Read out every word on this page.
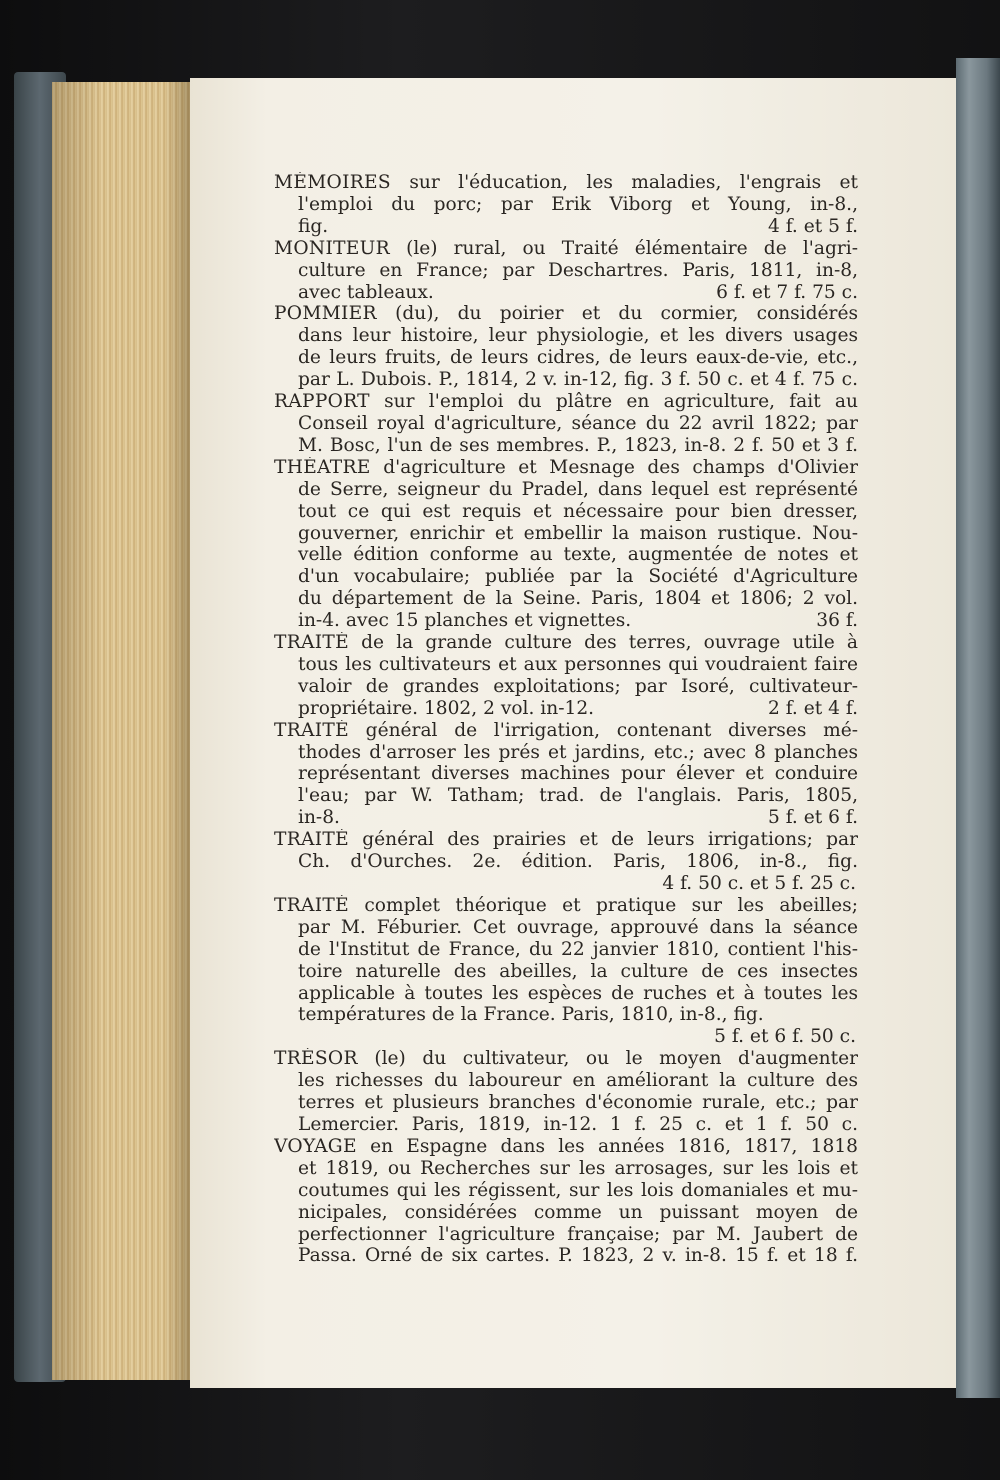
MÉMOIRES sur l'éducation, les maladies, l'engrais et
l'emploi du porc; par Erik Viborg et Young, in-8.,
fig.	4 f. et 5 f.
MONITEUR (le) rural, ou Traité élémentaire de l'agri-
culture en France; par Deschartres. Paris, 1811, in-8,
avec tableaux.	6 f. et 7 f. 75 c.
POMMIER (du), du poirier et du cormier, considérés
dans leur histoire, leur physiologie, et les divers usages
de leurs fruits, de leurs cidres, de leurs eaux-de-vie, etc.,
par L. Dubois. P., 1814, 2 v. in-12, fig. 3 f. 50 c. et 4 f. 75 c.
RAPPORT sur l'emploi du plâtre en agriculture, fait au
Conseil royal d'agriculture, séance du 22 avril 1822; par
M. Bosc, l'un de ses membres. P., 1823, in-8. 2 f. 50 et 3 f.
THÉATRE d'agriculture et Mesnage des champs d'Olivier
de Serre, seigneur du Pradel, dans lequel est représenté
tout ce qui est requis et nécessaire pour bien dresser,
gouverner, enrichir et embellir la maison rustique. Nou-
velle édition conforme au texte, augmentée de notes et
d'un vocabulaire; publiée par la Société d'Agriculture
du département de la Seine. Paris, 1804 et 1806; 2 vol.
in-4. avec 15 planches et vignettes.	36 f.
TRAITÉ de la grande culture des terres, ouvrage utile à
tous les cultivateurs et aux personnes qui voudraient faire
valoir de grandes exploitations; par Isoré, cultivateur-
propriétaire. 1802, 2 vol. in-12.	2 f. et 4 f.
TRAITÉ général de l'irrigation, contenant diverses mé-
thodes d'arroser les prés et jardins, etc.; avec 8 planches
représentant diverses machines pour élever et conduire
l'eau; par W. Tatham; trad. de l'anglais. Paris, 1805,
in-8.	5 f. et 6 f.
TRAITÉ général des prairies et de leurs irrigations; par
Ch. d'Ourches. 2e. édition. Paris, 1806, in-8., fig.
4 f. 50 c. et 5 f. 25 c.
TRAITÉ complet théorique et pratique sur les abeilles;
par M. Féburier. Cet ouvrage, approuvé dans la séance
de l'Institut de France, du 22 janvier 1810, contient l'his-
toire naturelle des abeilles, la culture de ces insectes
applicable à toutes les espèces de ruches et à toutes les
températures de la France. Paris, 1810, in-8., fig.
5 f. et 6 f. 50 c.
TRÉSOR (le) du cultivateur, ou le moyen d'augmenter
les richesses du laboureur en améliorant la culture des
terres et plusieurs branches d'économie rurale, etc.; par
Lemercier. Paris, 1819, in-12. 1 f. 25 c. et 1 f. 50 c.
VOYAGE en Espagne dans les années 1816, 1817, 1818
et 1819, ou Recherches sur les arrosages, sur les lois et
coutumes qui les régissent, sur les lois domaniales et mu-
nicipales, considérées comme un puissant moyen de
perfectionner l'agriculture française; par M. Jaubert de
Passa. Orné de six cartes. P. 1823, 2 v. in-8. 15 f. et 18 f.
